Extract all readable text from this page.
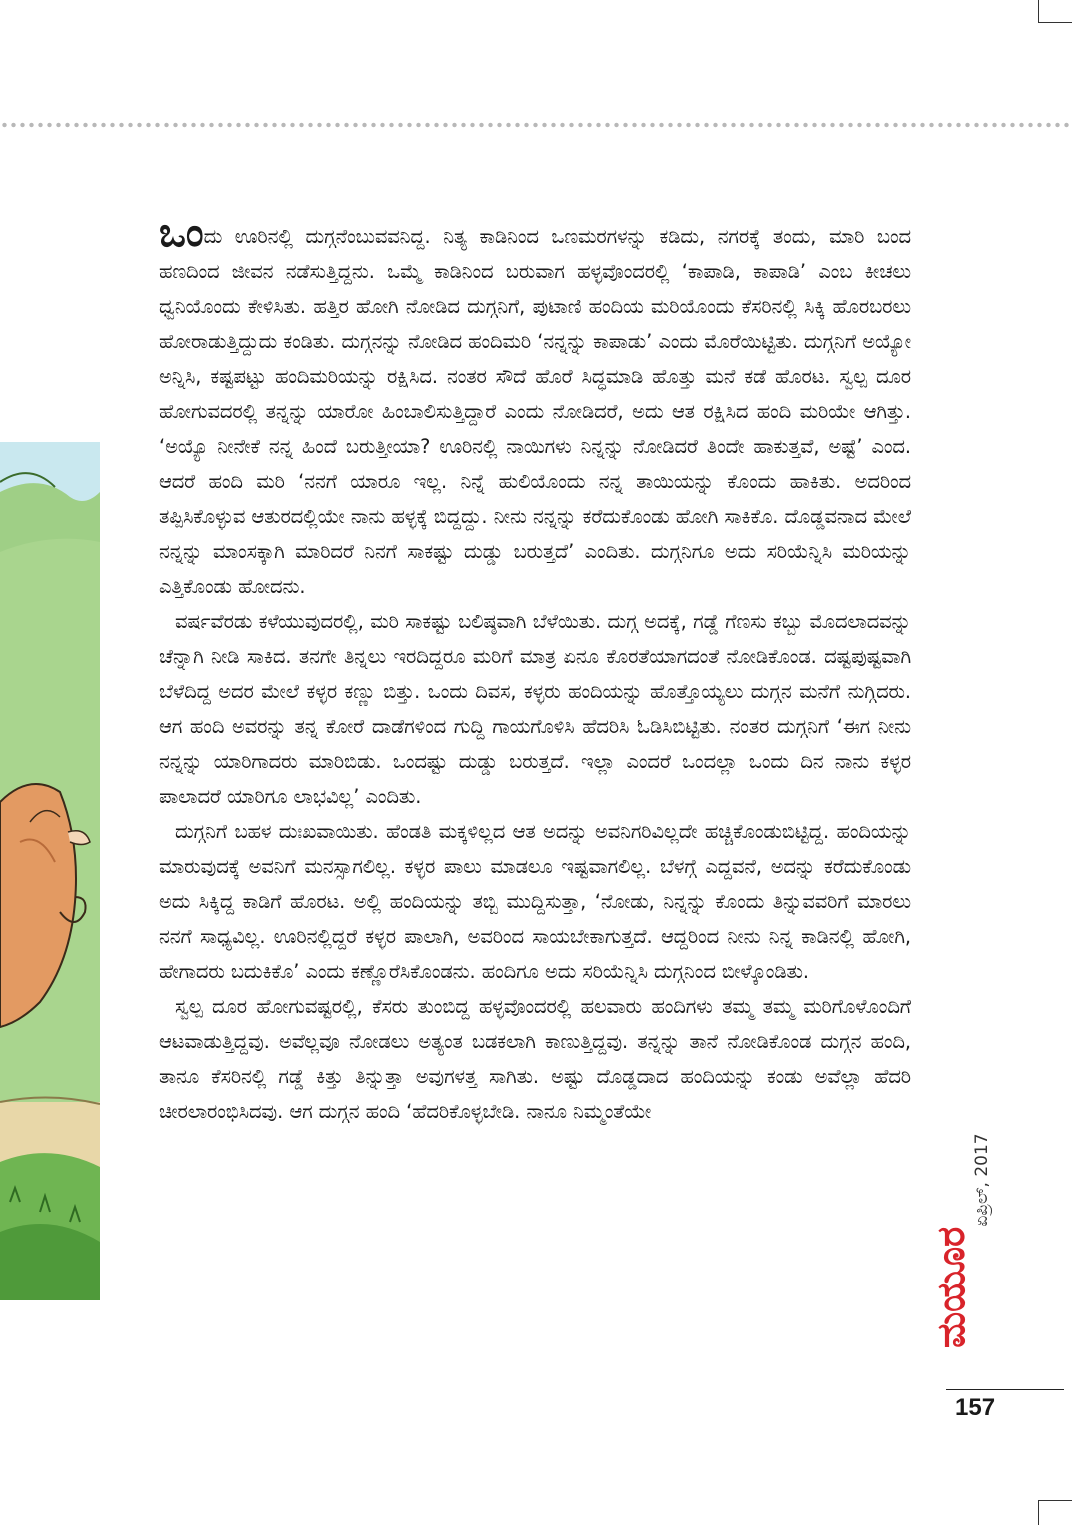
ಒಂದು ಊರಿನಲ್ಲಿ ದುಗ್ಗನೆಂಬುವವನಿದ್ದ. ನಿತ್ಯ ಕಾಡಿನಿಂದ ಒಣಮರಗಳನ್ನು ಕಡಿದು, ನಗರಕ್ಕೆ ತಂದು, ಮಾರಿ ಬಂದ ಹಣದಿಂದ ಜೀವನ ನಡೆಸುತ್ತಿದ್ದನು. ಒಮ್ಮೆ ಕಾಡಿನಿಂದ ಬರುವಾಗ ಹಳ್ಳವೊಂದರಲ್ಲಿ ‘ಕಾಪಾಡಿ, ಕಾಪಾಡಿ’ ಎಂಬ ಕೀಚಲು ಧ್ವನಿಯೊಂದು ಕೇಳಿಸಿತು. ಹತ್ತಿರ ಹೋಗಿ ನೋಡಿದ ದುಗ್ಗನಿಗೆ, ಪುಟಾಣಿ ಹಂದಿಯ ಮರಿಯೊಂದು ಕೆಸರಿನಲ್ಲಿ ಸಿಕ್ಕಿ ಹೊರಬರಲು ಹೋರಾಡುತ್ತಿದ್ದುದು ಕಂಡಿತು. ದುಗ್ಗನನ್ನು ನೋಡಿದ ಹಂದಿಮರಿ ‘ನನ್ನನ್ನು ಕಾಪಾಡು’ ಎಂದು ಮೊರೆಯಿಟ್ಟಿತು. ದುಗ್ಗನಿಗೆ ಅಯ್ಯೋ ಅನ್ನಿಸಿ, ಕಷ್ಟಪಟ್ಟು ಹಂದಿಮರಿಯನ್ನು ರಕ್ಷಿಸಿದ. ನಂತರ ಸೌದೆ ಹೊರೆ ಸಿದ್ಧಮಾಡಿ ಹೊತ್ತು ಮನೆ ಕಡೆ ಹೊರಟ. ಸ್ವಲ್ಪ ದೂರ ಹೋಗುವದರಲ್ಲಿ ತನ್ನನ್ನು ಯಾರೋ ಹಿಂಬಾಲಿಸುತ್ತಿದ್ದಾರೆ ಎಂದು ನೋಡಿದರೆ, ಅದು ಆತ ರಕ್ಷಿಸಿದ ಹಂದಿ ಮರಿಯೇ ಆಗಿತ್ತು. ‘ಅಯ್ಯೊ ನೀನೇಕೆ ನನ್ನ ಹಿಂದೆ ಬರುತ್ತೀಯಾ? ಊರಿನಲ್ಲಿ ನಾಯಿಗಳು ನಿನ್ನನ್ನು ನೋಡಿದರೆ ತಿಂದೇ ಹಾಕುತ್ತವೆ, ಅಷ್ಟೆ’ ಎಂದ. ಆದರೆ ಹಂದಿ ಮರಿ ‘ನನಗೆ ಯಾರೂ ಇಲ್ಲ. ನಿನ್ನೆ ಹುಲಿಯೊಂದು ನನ್ನ ತಾಯಿಯನ್ನು ಕೊಂದು ಹಾಕಿತು. ಅದರಿಂದ ತಪ್ಪಿಸಿಕೊಳ್ಳುವ ಆತುರದಲ್ಲಿಯೇ ನಾನು ಹಳ್ಳಕ್ಕೆ ಬಿದ್ದದ್ದು. ನೀನು ನನ್ನನ್ನು ಕರೆದುಕೊಂಡು ಹೋಗಿ ಸಾಕಿಕೊ. ದೊಡ್ಡವನಾದ ಮೇಲೆ ನನ್ನನ್ನು ಮಾಂಸಕ್ಕಾಗಿ ಮಾರಿದರೆ ನಿನಗೆ ಸಾಕಷ್ಟು ದುಡ್ಡು ಬರುತ್ತದೆ’ ಎಂದಿತು. ದುಗ್ಗನಿಗೂ ಅದು ಸರಿಯೆನ್ನಿಸಿ ಮರಿಯನ್ನು ಎತ್ತಿಕೊಂಡು ಹೋದನು.

ವರ್ಷವೆರಡು ಕಳೆಯುವುದರಲ್ಲಿ, ಮರಿ ಸಾಕಷ್ಟು ಬಲಿಷ್ಠವಾಗಿ ಬೆಳೆಯಿತು. ದುಗ್ಗ ಅದಕ್ಕೆ, ಗಡ್ಡೆ ಗೆಣಸು ಕಬ್ಬು ಮೊದಲಾದವನ್ನು ಚೆನ್ನಾಗಿ ನೀಡಿ ಸಾಕಿದ. ತನಗೇ ತಿನ್ನಲು ಇರದಿದ್ದರೂ ಮರಿಗೆ ಮಾತ್ರ ಏನೂ ಕೊರತೆಯಾಗದಂತೆ ನೋಡಿಕೊಂಡ. ದಷ್ಟಪುಷ್ಟವಾಗಿ ಬೆಳೆದಿದ್ದ ಅದರ ಮೇಲೆ ಕಳ್ಳರ ಕಣ್ಣು ಬಿತ್ತು. ಒಂದು ದಿವಸ, ಕಳ್ಳರು ಹಂದಿಯನ್ನು ಹೊತ್ತೊಯ್ಯಲು ದುಗ್ಗನ ಮನೆಗೆ ನುಗ್ಗಿದರು. ಆಗ ಹಂದಿ ಅವರನ್ನು ತನ್ನ ಕೋರೆ ದಾಡೆಗಳಿಂದ ಗುದ್ದಿ ಗಾಯಗೊಳಿಸಿ ಹೆದರಿಸಿ ಓಡಿಸಿಬಿಟ್ಟಿತು. ನಂತರ ದುಗ್ಗನಿಗೆ ‘ಈಗ ನೀನು ನನ್ನನ್ನು ಯಾರಿಗಾದರು ಮಾರಿಬಿಡು. ಒಂದಷ್ಟು ದುಡ್ಡು ಬರುತ್ತದೆ. ಇಲ್ಲಾ ಎಂದರೆ ಒಂದಲ್ಲಾ ಒಂದು ದಿನ ನಾನು ಕಳ್ಳರ ಪಾಲಾದರೆ ಯಾರಿಗೂ ಲಾಭವಿಲ್ಲ’ ಎಂದಿತು.

ದುಗ್ಗನಿಗೆ ಬಹಳ ದುಃಖವಾಯಿತು. ಹೆಂಡತಿ ಮಕ್ಕಳಿಲ್ಲದ ಆತ ಅದನ್ನು ಅವನಿಗರಿವಿಲ್ಲದೇ ಹಚ್ಚಿಕೊಂಡುಬಿಟ್ಟಿದ್ದ. ಹಂದಿಯನ್ನು ಮಾರುವುದಕ್ಕೆ ಅವನಿಗೆ ಮನಸ್ಸಾಗಲಿಲ್ಲ. ಕಳ್ಳರ ಪಾಲು ಮಾಡಲೂ ಇಷ್ಟವಾಗಲಿಲ್ಲ. ಬೆಳಗ್ಗೆ ಎದ್ದವನೆ, ಅದನ್ನು ಕರೆದುಕೊಂಡು ಅದು ಸಿಕ್ಕಿದ್ದ ಕಾಡಿಗೆ ಹೊರಟ. ಅಲ್ಲಿ ಹಂದಿಯನ್ನು ತಬ್ಬಿ ಮುದ್ದಿಸುತ್ತಾ, ‘ನೋಡು, ನಿನ್ನನ್ನು ಕೊಂದು ತಿನ್ನುವವರಿಗೆ ಮಾರಲು ನನಗೆ ಸಾಧ್ಯವಿಲ್ಲ. ಊರಿನಲ್ಲಿದ್ದರೆ ಕಳ್ಳರ ಪಾಲಾಗಿ, ಅವರಿಂದ ಸಾಯಬೇಕಾಗುತ್ತದೆ. ಆದ್ದರಿಂದ ನೀನು ನಿನ್ನ ಕಾಡಿನಲ್ಲಿ ಹೋಗಿ, ಹೇಗಾದರು ಬದುಕಿಕೊ’ ಎಂದು ಕಣ್ಣೊರೆಸಿಕೊಂಡನು. ಹಂದಿಗೂ ಅದು ಸರಿಯೆನ್ನಿಸಿ ದುಗ್ಗನಿಂದ ಬೀಳ್ಕೊಂಡಿತು.

ಸ್ವಲ್ಪ ದೂರ ಹೋಗುವಷ್ಟರಲ್ಲಿ, ಕೆಸರು ತುಂಬಿದ್ದ ಹಳ್ಳವೊಂದರಲ್ಲಿ ಹಲವಾರು ಹಂದಿಗಳು ತಮ್ಮ ತಮ್ಮ ಮರಿಗೊಳೊಂದಿಗೆ ಆಟವಾಡುತ್ತಿದ್ದವು. ಅವೆಲ್ಲವೂ ನೋಡಲು ಅತ್ಯಂತ ಬಡಕಲಾಗಿ ಕಾಣುತ್ತಿದ್ದವು. ತನ್ನನ್ನು ತಾನೆ ನೋಡಿಕೊಂಡ ದುಗ್ಗನ ಹಂದಿ, ತಾನೂ ಕೆಸರಿನಲ್ಲಿ ಗಡ್ಡೆ ಕಿತ್ತು ತಿನ್ನುತ್ತಾ ಅವುಗಳತ್ತ ಸಾಗಿತು. ಅಷ್ಟು ದೊಡ್ಡದಾದ ಹಂದಿಯನ್ನು ಕಂಡು ಅವೆಲ್ಲಾ ಹೆದರಿ ಚೀರಲಾರಂಭಿಸಿದವು. ಆಗ ದುಗ್ಗನ ಹಂದಿ ‘ಹೆದರಿಕೊಳ್ಳಬೇಡಿ. ನಾನೂ ನಿಮ್ಮಂತೆಯೇ

ಏಪ್ರಿಲ್, 2017
ಮಯೂರ
157
